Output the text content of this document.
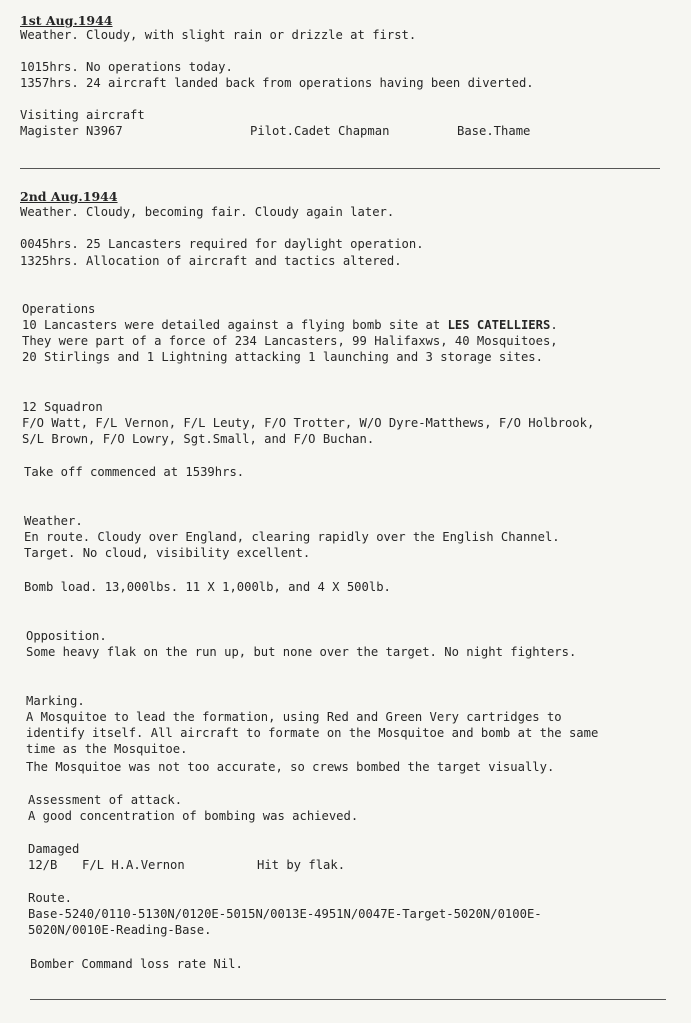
1st Aug.1944
Weather. Cloudy, with slight rain or drizzle at first.
1015hrs. No operations today.
1357hrs. 24 aircraft landed back from operations having been diverted.
Visiting aircraft
Magister N3967	Pilot.Cadet Chapman	Base.Thame
2nd Aug.1944
Weather. Cloudy, becoming fair. Cloudy again later.
0045hrs. 25 Lancasters required for daylight operation.
1325hrs. Allocation of aircraft and tactics altered.
Operations
10 Lancasters were detailed against a flying bomb site at LES CATELLIERS.
They were part of a force of 234 Lancasters, 99 Halifaxws, 40 Mosquitoes,
20 Stirlings and 1 Lightning attacking 1 launching and 3 storage sites.
12 Squadron
F/O Watt, F/L Vernon, F/L Leuty, F/O Trotter, W/O Dyre-Matthews, F/O Holbrook,
S/L Brown, F/O Lowry, Sgt.Small, and F/O Buchan.
Take off commenced at 1539hrs.
Weather.
En route. Cloudy over England, clearing rapidly over the English Channel.
Target. No cloud, visibility excellent.
Bomb load. 13,000lbs. 11 X 1,000lb, and 4 X 500lb.
Opposition.
Some heavy flak on the run up, but none over the target. No night fighters.
Marking.
A Mosquitoe to lead the formation, using Red and Green Very cartridges to
identify itself. All aircraft to formate on the Mosquitoe and bomb at the same
time as the Mosquitoe.
The Mosquitoe was not too accurate, so crews bombed the target visually.
Assessment of attack.
A good concentration of bombing was achieved.
Damaged
12/B F/L H.A.Vernon	Hit by flak.
Route.
Base-5240/0110-5130N/0120E-5015N/0013E-4951N/0047E-Target-5020N/0100E-
5020N/0010E-Reading-Base.
Bomber Command loss rate Nil.
